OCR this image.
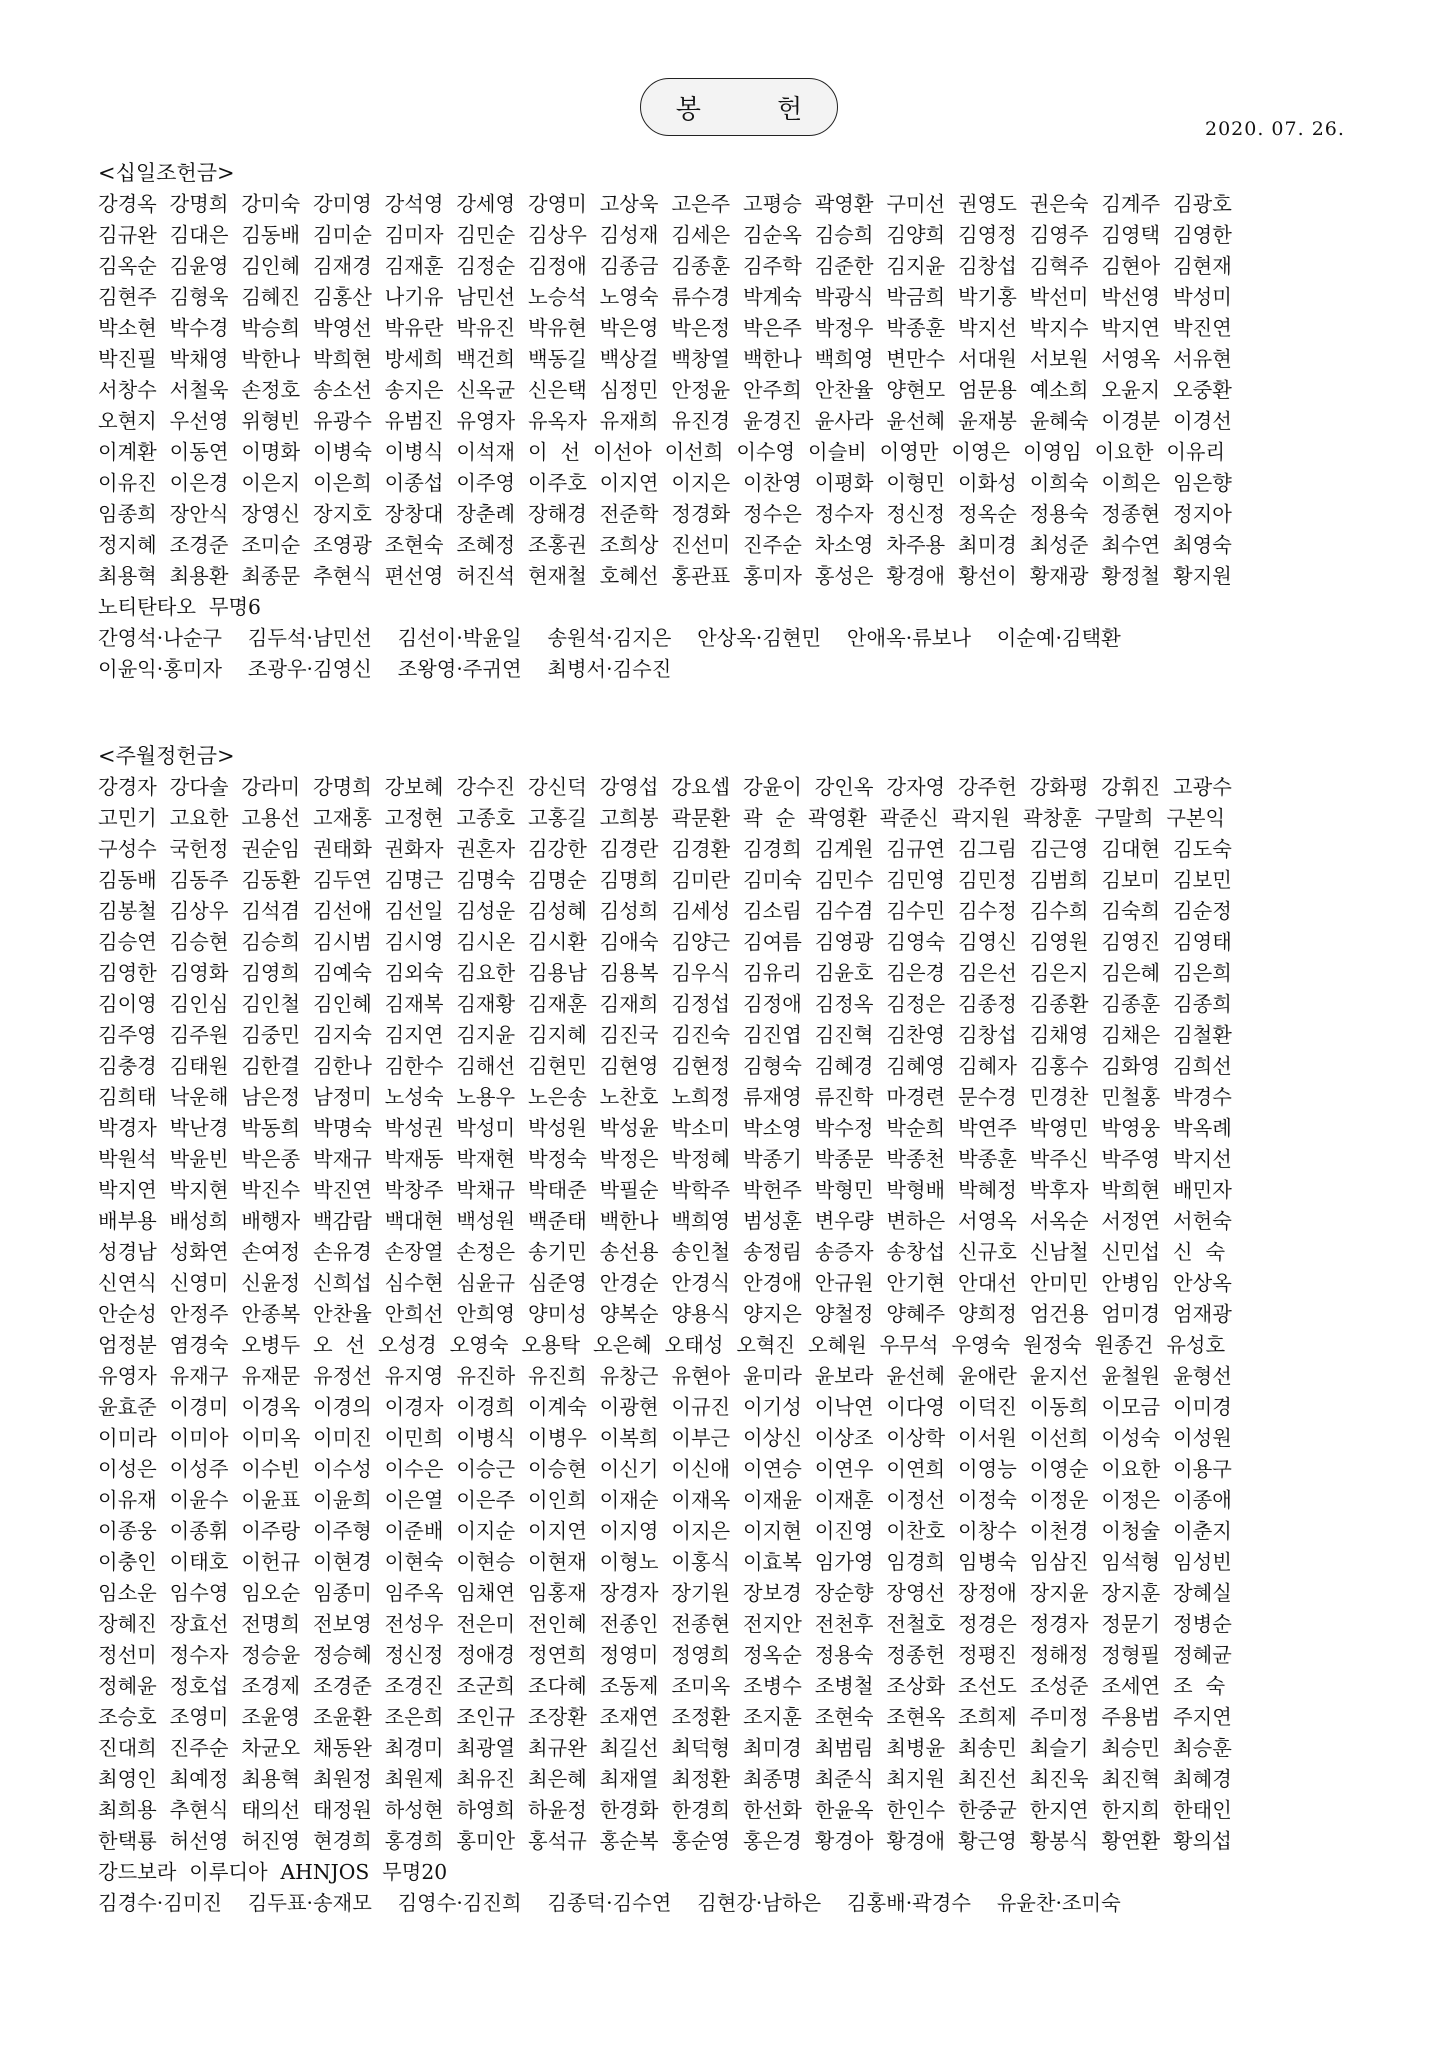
봉 헌
2020. 07. 26.
<십일조헌금>
강경옥  강명희  강미숙  강미영  강석영  강세영  강영미  고상욱  고은주  고평승  곽영환  구미선  권영도  권은숙  김계주  김광호
김규완  김대은  김동배  김미순  김미자  김민순  김상우  김성재  김세은  김순옥  김승희  김양희  김영정  김영주  김영택  김영한
김옥순  김윤영  김인혜  김재경  김재훈  김정순  김정애  김종금  김종훈  김주학  김준한  김지윤  김창섭  김혁주  김현아  김현재
김현주  김형욱  김혜진  김홍산  나기유  남민선  노승석  노영숙  류수경  박계숙  박광식  박금희  박기홍  박선미  박선영  박성미
박소현  박수경  박승희  박영선  박유란  박유진  박유현  박은영  박은정  박은주  박정우  박종훈  박지선  박지수  박지연  박진연
박진필  박채영  박한나  박희현  방세희  백건희  백동길  백상걸  백창열  백한나  백희영  변만수  서대원  서보원  서영옥  서유현
서창수  서철욱  손정호  송소선  송지은  신옥균  신은택  심정민  안정윤  안주희  안찬율  양현모  엄문용  예소희  오윤지  오중환
오현지  우선영  위형빈  유광수  유범진  유영자  유옥자  유재희  유진경  윤경진  윤사라  윤선혜  윤재봉  윤혜숙  이경분  이경선
이계환  이동연  이명화  이병숙  이병식  이석재  이  선  이선아  이선희  이수영  이슬비  이영만  이영은  이영임  이요한  이유리
이유진  이은경  이은지  이은희  이종섭  이주영  이주호  이지연  이지은  이찬영  이평화  이형민  이화성  이희숙  이희은  임은향
임종희  장안식  장영신  장지호  장창대  장춘례  장해경  전준학  정경화  정수은  정수자  정신정  정옥순  정용숙  정종현  정지아
정지혜  조경준  조미순  조영광  조현숙  조혜정  조홍권  조희상  진선미  진주순  차소영  차주용  최미경  최성준  최수연  최영숙
최용혁  최용환  최종문  추현식  편선영  허진석  현재철  호혜선  홍관표  홍미자  홍성은  황경애  황선이  황재광  황정철  황지원
노티탄타오  무명6
간영석·나순구    김두석·남민선    김선이·박윤일    송원석·김지은    안상옥·김현민    안애옥·류보나    이순예·김택환
이윤익·홍미자    조광우·김영신    조왕영·주귀연    최병서·김수진
<주월정헌금>
강경자  강다솔  강라미  강명희  강보혜  강수진  강신덕  강영섭  강요셉  강윤이  강인옥  강자영  강주헌  강화평  강휘진  고광수
고민기  고요한  고용선  고재홍  고정현  고종호  고홍길  고희봉  곽문환  곽  순  곽영환  곽준신  곽지원  곽창훈  구말희  구본익
구성수  국헌정  권순임  권태화  권화자  권혼자  김강한  김경란  김경환  김경희  김계원  김규연  김그림  김근영  김대현  김도숙
김동배  김동주  김동환  김두연  김명근  김명숙  김명순  김명희  김미란  김미숙  김민수  김민영  김민정  김범희  김보미  김보민
김봉철  김상우  김석겸  김선애  김선일  김성운  김성혜  김성희  김세성  김소림  김수겸  김수민  김수정  김수희  김숙희  김순정
김승연  김승현  김승희  김시범  김시영  김시온  김시환  김애숙  김양근  김여름  김영광  김영숙  김영신  김영원  김영진  김영태
김영한  김영화  김영희  김예숙  김외숙  김요한  김용남  김용복  김우식  김유리  김윤호  김은경  김은선  김은지  김은혜  김은희
김이영  김인심  김인철  김인혜  김재복  김재황  김재훈  김재희  김정섭  김정애  김정옥  김정은  김종정  김종환  김종훈  김종희
김주영  김주원  김중민  김지숙  김지연  김지윤  김지혜  김진국  김진숙  김진엽  김진혁  김찬영  김창섭  김채영  김채은  김철환
김충경  김태원  김한결  김한나  김한수  김해선  김현민  김현영  김현정  김형숙  김혜경  김혜영  김혜자  김홍수  김화영  김희선
김희태  낙운해  남은정  남정미  노성숙  노용우  노은송  노찬호  노희정  류재영  류진학  마경련  문수경  민경찬  민철홍  박경수
박경자  박난경  박동희  박명숙  박성권  박성미  박성원  박성윤  박소미  박소영  박수정  박순희  박연주  박영민  박영웅  박옥례
박원석  박윤빈  박은종  박재규  박재동  박재현  박정숙  박정은  박정혜  박종기  박종문  박종천  박종훈  박주신  박주영  박지선
박지연  박지현  박진수  박진연  박창주  박채규  박태준  박필순  박학주  박헌주  박형민  박형배  박혜정  박후자  박희현  배민자
배부용  배성희  배행자  백감람  백대현  백성원  백준태  백한나  백희영  범성훈  변우량  변하은  서영옥  서옥순  서정연  서헌숙
성경남  성화연  손여정  손유경  손장열  손정은  송기민  송선용  송인철  송정림  송증자  송창섭  신규호  신남철  신민섭  신  숙
신연식  신영미  신윤정  신희섭  심수현  심윤규  심준영  안경순  안경식  안경애  안규원  안기현  안대선  안미민  안병임  안상옥
안순성  안정주  안종복  안찬율  안희선  안희영  양미성  양복순  양용식  양지은  양철정  양혜주  양희정  엄건용  엄미경  엄재광
엄정분  염경숙  오병두  오  선  오성경  오영숙  오용탁  오은혜  오태성  오혁진  오혜원  우무석  우영숙  원정숙  원종건  유성호
유영자  유재구  유재문  유정선  유지영  유진하  유진희  유창근  유현아  윤미라  윤보라  윤선혜  윤애란  윤지선  윤철원  윤형선
윤효준  이경미  이경옥  이경의  이경자  이경희  이계숙  이광현  이규진  이기성  이낙연  이다영  이덕진  이동희  이모금  이미경
이미라  이미아  이미옥  이미진  이민희  이병식  이병우  이복희  이부근  이상신  이상조  이상학  이서원  이선희  이성숙  이성원
이성은  이성주  이수빈  이수성  이수은  이승근  이승현  이신기  이신애  이연승  이연우  이연희  이영능  이영순  이요한  이용구
이유재  이윤수  이윤표  이윤희  이은열  이은주  이인희  이재순  이재옥  이재윤  이재훈  이정선  이정숙  이정운  이정은  이종애
이종웅  이종휘  이주랑  이주형  이준배  이지순  이지연  이지영  이지은  이지현  이진영  이찬호  이창수  이천경  이청술  이춘지
이충인  이태호  이헌규  이현경  이현숙  이현승  이현재  이형노  이홍식  이효복  임가영  임경희  임병숙  임삼진  임석형  임성빈
임소운  임수영  임오순  임종미  임주옥  임채연  임홍재  장경자  장기원  장보경  장순향  장영선  장정애  장지윤  장지훈  장혜실
장혜진  장효선  전명희  전보영  전성우  전은미  전인혜  전종인  전종현  전지안  전천후  전철호  정경은  정경자  정문기  정병순
정선미  정수자  정승윤  정승혜  정신정  정애경  정연희  정영미  정영희  정옥순  정용숙  정종헌  정평진  정해정  정형필  정혜균
정혜윤  정호섭  조경제  조경준  조경진  조군희  조다혜  조동제  조미옥  조병수  조병철  조상화  조선도  조성준  조세연  조  숙
조승호  조영미  조윤영  조윤환  조은희  조인규  조장환  조재연  조정환  조지훈  조현숙  조현옥  조희제  주미정  주용범  주지연
진대희  진주순  차균오  채동완  최경미  최광열  최규완  최길선  최덕형  최미경  최범림  최병윤  최송민  최슬기  최승민  최승훈
최영인  최예정  최용혁  최원정  최원제  최유진  최은혜  최재열  최정환  최종명  최준식  최지원  최진선  최진욱  최진혁  최혜경
최희용  추현식  태의선  태정원  하성현  하영희  하윤정  한경화  한경희  한선화  한윤옥  한인수  한중균  한지연  한지희  한태인
한택룡  허선영  허진영  현경희  홍경희  홍미안  홍석규  홍순복  홍순영  홍은경  황경아  황경애  황근영  황봉식  황연환  황의섭
강드보라  이루디아  AHNJOS  무명20
김경수·김미진    김두표·송재모    김영수·김진희    김종덕·김수연    김현강·남하은    김홍배·곽경수    유윤찬·조미숙
